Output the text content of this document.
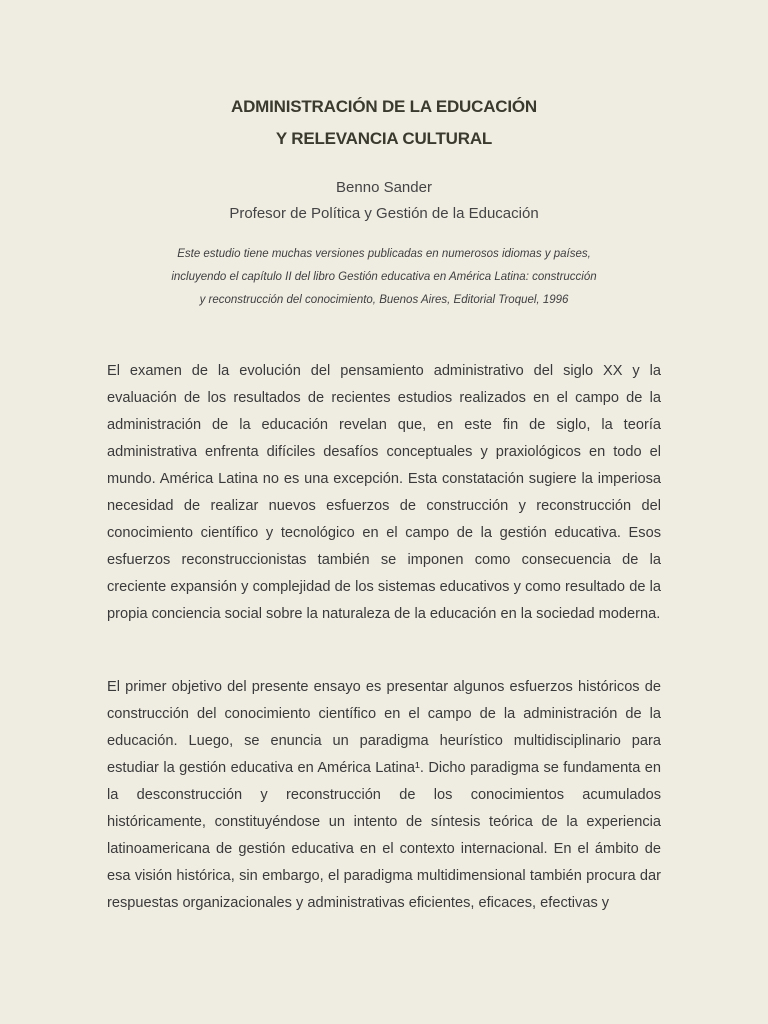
ADMINISTRACIÓN DE LA EDUCACIÓN
Y RELEVANCIA CULTURAL
Benno Sander
Profesor de Política y Gestión de la Educación
Este estudio tiene muchas versiones publicadas en numerosos idiomas y países,
incluyendo el capítulo II del libro Gestión educativa en América Latina: construcción
y reconstrucción del conocimiento, Buenos Aires, Editorial Troquel, 1996

El examen de la evolución del pensamiento administrativo del siglo XX y la evaluación de los resultados de recientes estudios realizados en el campo de la administración de la educación revelan que, en este fin de siglo, la teoría administrativa enfrenta difíciles desafíos conceptuales y praxiológicos en todo el mundo. América Latina no es una excepción. Esta constatación sugiere la imperiosa necesidad de realizar nuevos esfuerzos de construcción y reconstrucción del conocimiento científico y tecnológico en el campo de la gestión educativa. Esos esfuerzos reconstruccionistas también se imponen como consecuencia de la creciente expansión y complejidad de los sistemas educativos y como resultado de la propia conciencia social sobre la naturaleza de la educación en la sociedad moderna.

El primer objetivo del presente ensayo es presentar algunos esfuerzos históricos de construcción del conocimiento científico en el campo de la administración de la educación. Luego, se enuncia un paradigma heurístico multidisciplinario para estudiar la gestión educativa en América Latina¹. Dicho paradigma se fundamenta en la desconstrucción y reconstrucción de los conocimientos acumulados históricamente, constituyéndose un intento de síntesis teórica de la experiencia latinoamericana de gestión educativa en el contexto internacional. En el ámbito de esa visión histórica, sin embargo, el paradigma multidimensional también procura dar respuestas organizacionales y administrativas eficientes, eficaces, efectivas y
